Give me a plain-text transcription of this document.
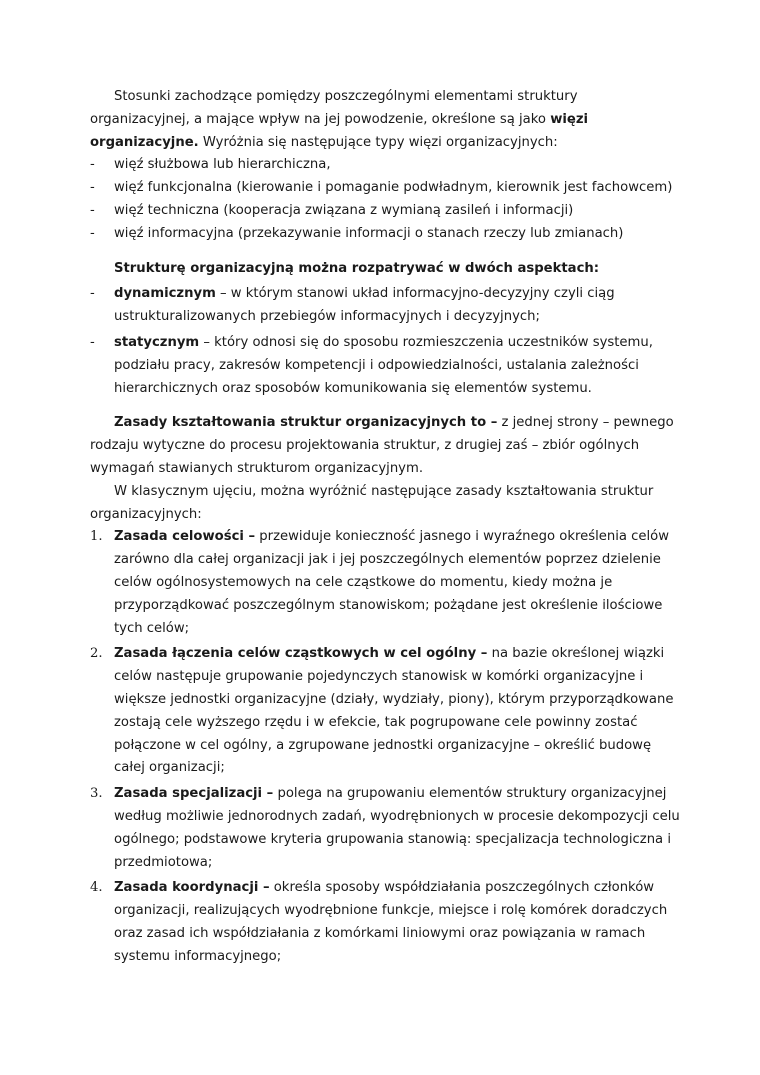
Stosunki zachodzące pomiędzy poszczególnymi elementami struktury organizacyjnej, a mające wpływ na jej powodzenie, określone są jako więzi organizacyjne. Wyróżnia się następujące typy więzi organizacyjnych:

- więź służbowa lub hierarchiczna,

- więź funkcjonalna (kierowanie i pomaganie podwładnym, kierownik jest fachowcem)

- więź techniczna (kooperacja związana z wymianą zasileń i informacji)

- więź informacyjna (przekazywanie informacji o stanach rzeczy lub zmianach)

Strukturę organizacyjną można rozpatrywać w dwóch aspektach:

- dynamicznym – w którym stanowi układ informacyjno-decyzyjny czyli ciąg ustrukturalizowanych przebiegów informacyjnych i decyzyjnych;

- statycznym – który odnosi się do sposobu rozmieszczenia uczestników systemu, podziału pracy, zakresów kompetencji i odpowiedzialności, ustalania zależności hierarchicznych oraz sposobów komunikowania się elementów systemu.

Zasady kształtowania struktur organizacyjnych to – z jednej strony – pewnego rodzaju wytyczne do procesu projektowania struktur, z drugiej zaś – zbiór ogólnych wymagań stawianych strukturom organizacyjnym.

W klasycznym ujęciu, można wyróżnić następujące zasady kształtowania struktur organizacyjnych:

1. Zasada celowości – przewiduje konieczność jasnego i wyraźnego określenia celów zarówno dla całej organizacji jak i jej poszczególnych elementów poprzez dzielenie celów ogólnosystemowych na cele cząstkowe do momentu, kiedy można je przyporządkować poszczególnym stanowiskom; pożądane jest określenie ilościowe tych celów;

2. Zasada łączenia celów cząstkowych w cel ogólny – na bazie określonej wiązki celów następuje grupowanie pojedynczych stanowisk w komórki organizacyjne i większe jednostki organizacyjne (działy, wydziały, piony), którym przyporządkowane zostają cele wyższego rzędu i w efekcie, tak pogrupowane cele powinny zostać połączone w cel ogólny, a zgrupowane jednostki organizacyjne – określić budowę całej organizacji;

3. Zasada specjalizacji – polega na grupowaniu elementów struktury organizacyjnej według możliwie jednorodnych zadań, wyodrębnionych w procesie dekompozycji celu ogólnego; podstawowe kryteria grupowania stanowią: specjalizacja technologiczna i przedmiotowa;

4. Zasada koordynacji – określa sposoby współdziałania poszczególnych członków organizacji, realizujących wyodrębnione funkcje, miejsce i rolę komórek doradczych oraz zasad ich współdziałania z komórkami liniowymi oraz powiązania w ramach systemu informacyjnego;
